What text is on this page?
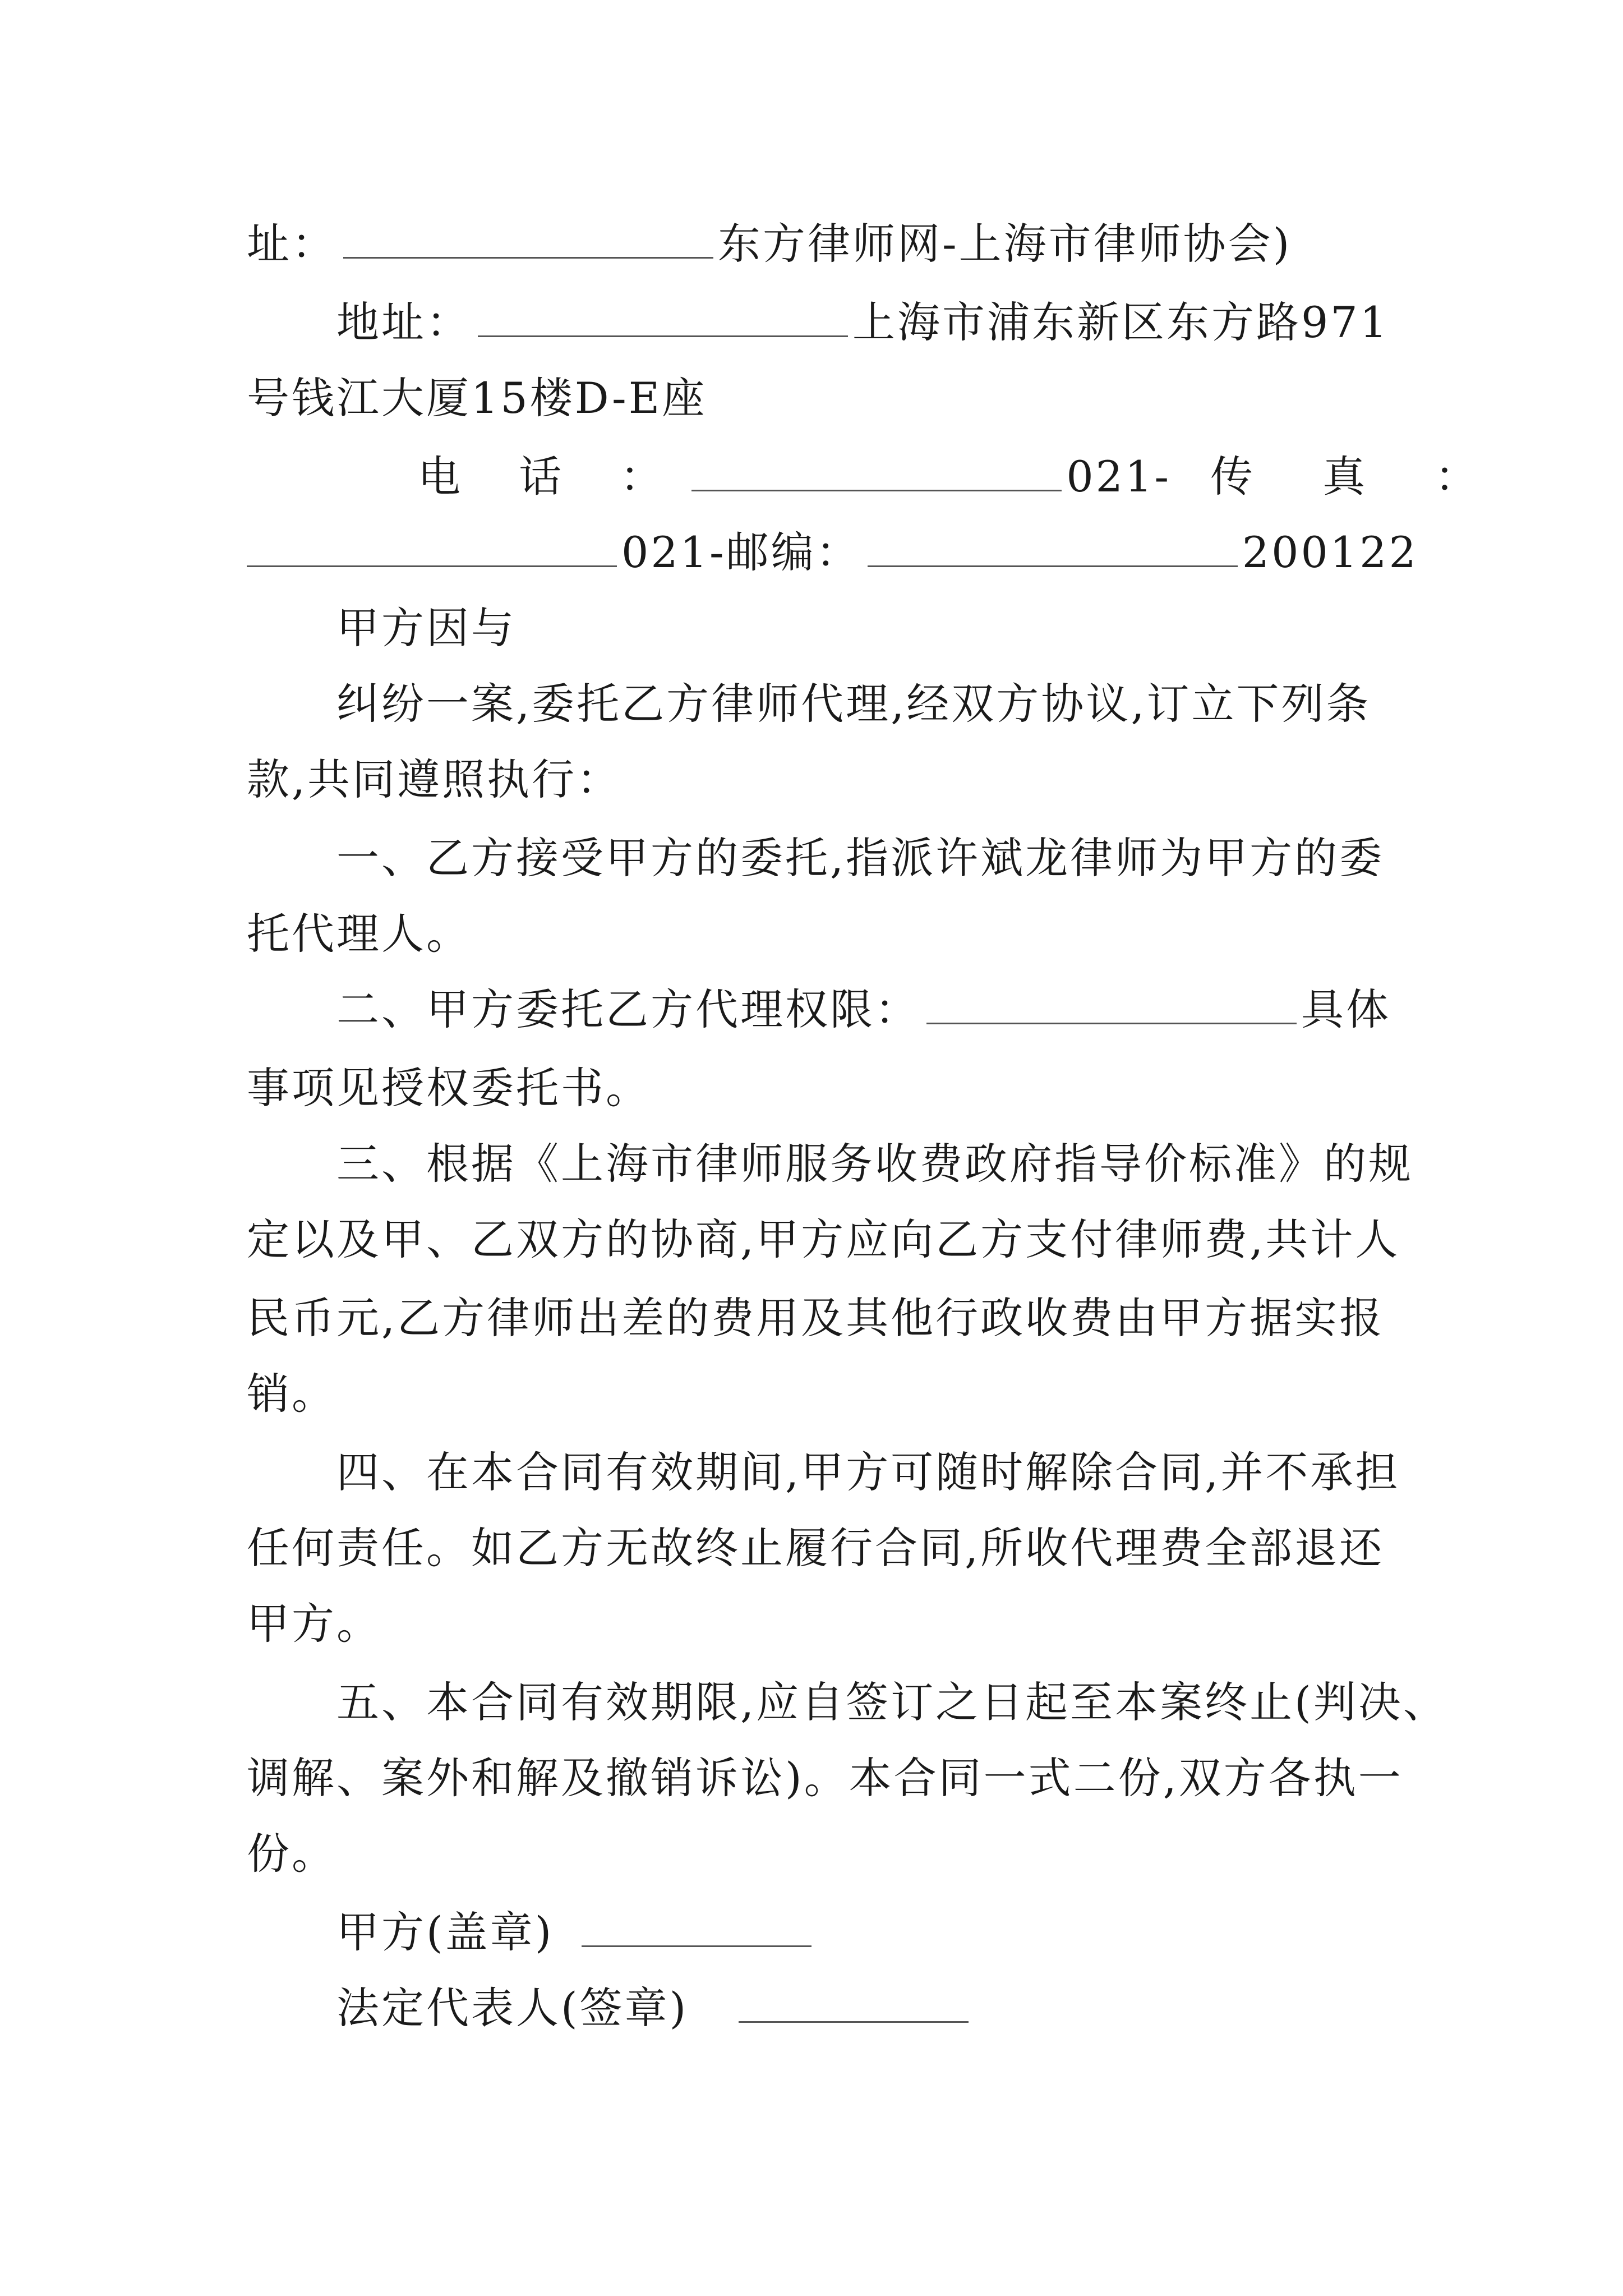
址：	东方律师网-上海市律师协会)
地址：	上海市浦东新区东方路971
号钱江大厦15楼D-E座
电 话 ：	021- 传 真 ：
021-邮编：	200122
甲方因与
纠纷一案,委托乙方律师代理,经双方协议,订立下列条
款,共同遵照执行：
一、乙方接受甲方的委托,指派许斌龙律师为甲方的委
托代理人。
二、甲方委托乙方代理权限：	具体
事项见授权委托书。
三、根据《上海市律师服务收费政府指导价标准》的规
定以及甲、乙双方的协商,甲方应向乙方支付律师费,共计人
民币元,乙方律师出差的费用及其他行政收费由甲方据实报
销。
四、在本合同有效期间,甲方可随时解除合同,并不承担
任何责任。如乙方无故终止履行合同,所收代理费全部退还
甲方。
五、本合同有效期限,应自签订之日起至本案终止(判决、
调解、案外和解及撤销诉讼)。本合同一式二份,双方各执一
份。
甲方(盖章)
法定代表人(签章)
